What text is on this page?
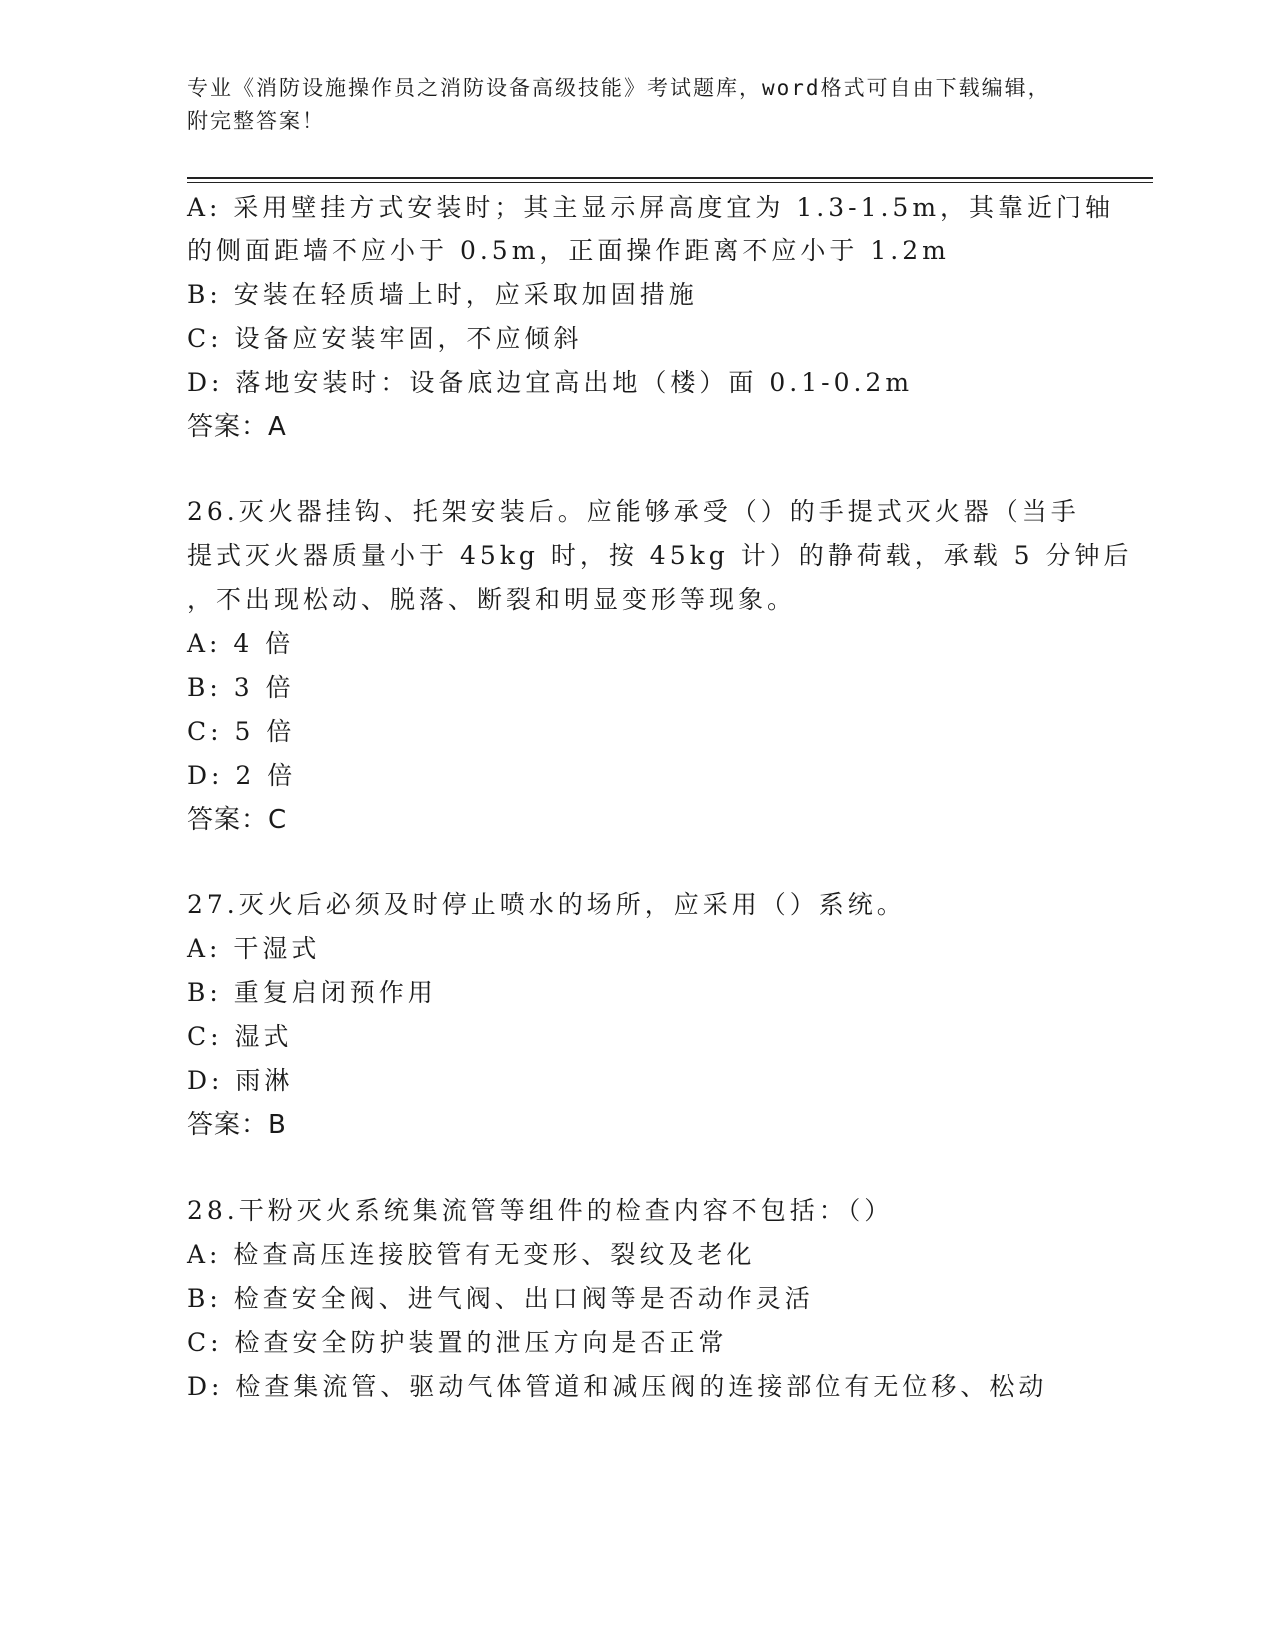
专业《消防设施操作员之消防设备高级技能》考试题库，word格式可自由下载编辑，附完整答案！
A: 采用壁挂方式安装时；其主显示屏高度宜为 1.3-1.5m，其靠近门轴
的侧面距墙不应小于 0.5m，正面操作距离不应小于 1.2m
B: 安装在轻质墙上时，应采取加固措施
C: 设备应安装牢固，不应倾斜
D: 落地安装时：设备底边宜高出地（楼）面 0.1-0.2m
答案：A
26.灭火器挂钩、托架安装后。应能够承受（）的手提式灭火器（当手
提式灭火器质量小于 45kg 时，按 45kg 计）的静荷载，承载 5 分钟后
，不出现松动、脱落、断裂和明显变形等现象。
A: 4 倍
B: 3 倍
C: 5 倍
D: 2 倍
答案：C
27.灭火后必须及时停止喷水的场所，应采用（）系统。
A: 干湿式
B: 重复启闭预作用
C: 湿式
D: 雨淋
答案：B
28.干粉灭火系统集流管等组件的检查内容不包括：（）
A: 检查高压连接胶管有无变形、裂纹及老化
B: 检查安全阀、进气阀、出口阀等是否动作灵活
C: 检查安全防护装置的泄压方向是否正常
D: 检查集流管、驱动气体管道和减压阀的连接部位有无位移、松动
